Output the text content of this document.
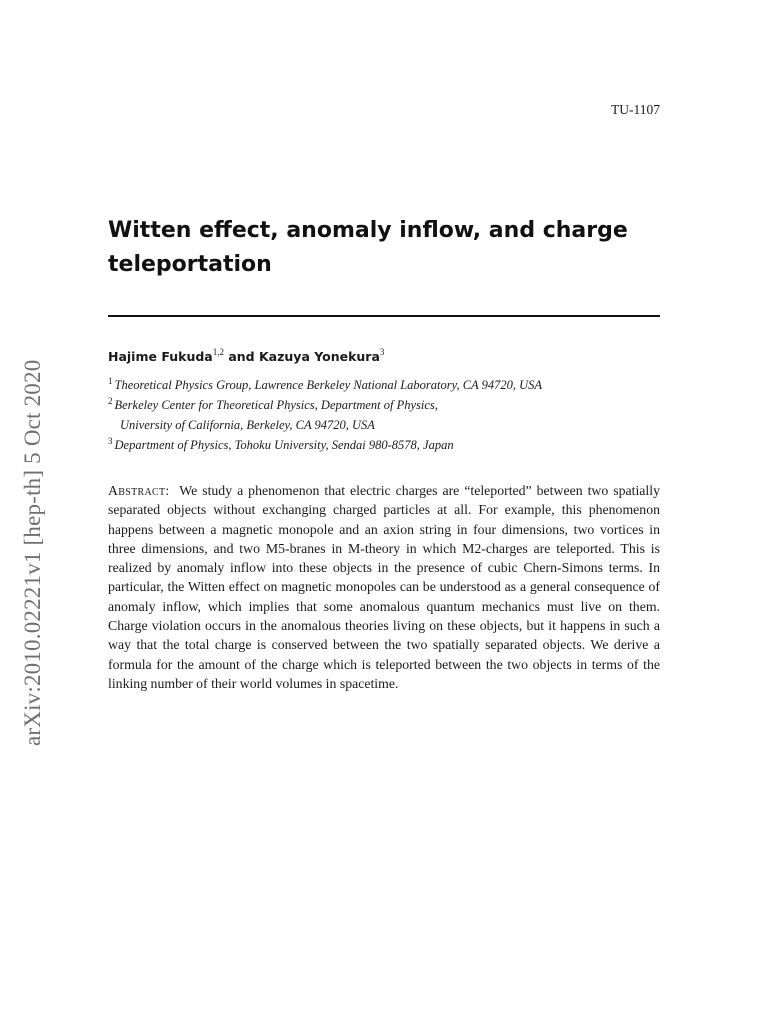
arXiv:2010.02221v1 [hep-th] 5 Oct 2020
TU-1107
Witten effect, anomaly inflow, and charge teleportation
Hajime Fukuda$^{1,2}$ and Kazuya Yonekura$^3$
$^1$ Theoretical Physics Group, Lawrence Berkeley National Laboratory, CA 94720, USA
$^2$ Berkeley Center for Theoretical Physics, Department of Physics,
University of California, Berkeley, CA 94720, USA
$^3$ Department of Physics, Tohoku University, Sendai 980-8578, Japan

Abstract: We study a phenomenon that electric charges are “teleported” between two spatially separated objects without exchanging charged particles at all. For example, this phenomenon happens between a magnetic monopole and an axion string in four dimensions, two vortices in three dimensions, and two M5-branes in M-theory in which M2-charges are teleported. This is realized by anomaly inflow into these objects in the presence of cubic Chern-Simons terms. In particular, the Witten effect on magnetic monopoles can be understood as a general consequence of anomaly inflow, which implies that some anomalous quantum mechanics must live on them. Charge violation occurs in the anomalous theories living on these objects, but it happens in such a way that the total charge is conserved between the two spatially separated objects. We derive a formula for the amount of the charge which is teleported between the two objects in terms of the linking number of their world volumes in spacetime.
